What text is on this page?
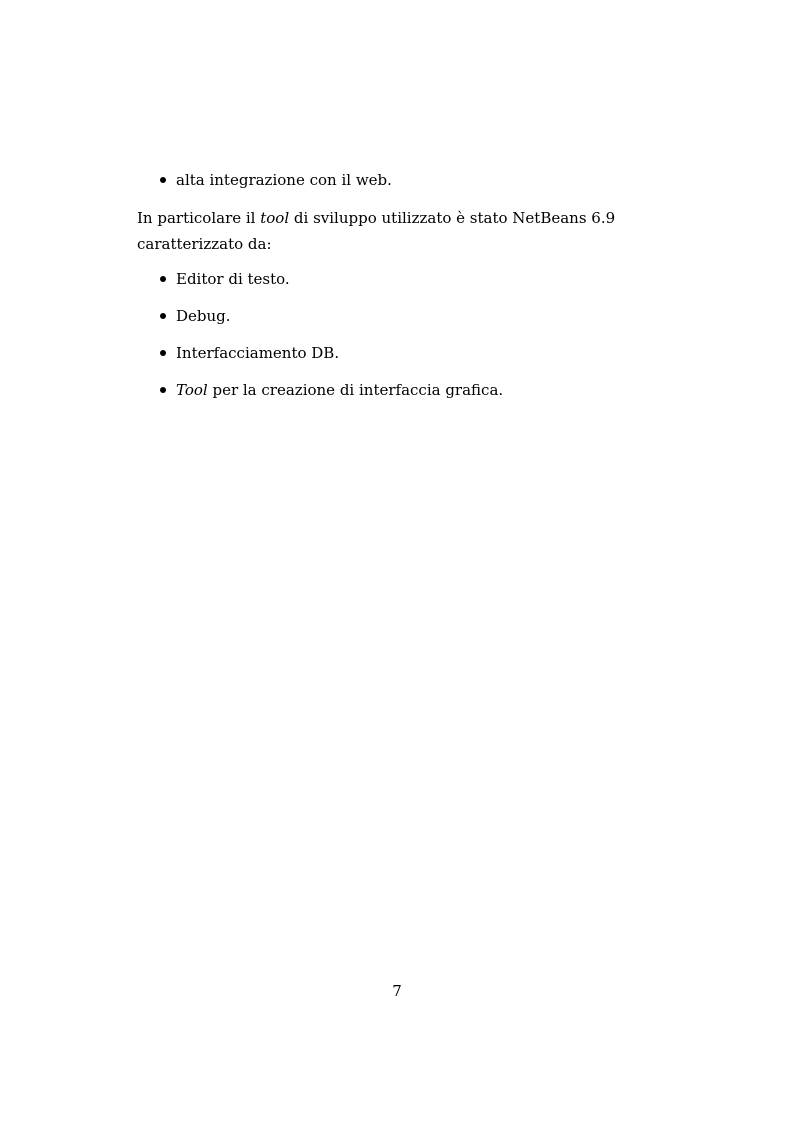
alta integrazione con il web.
In particolare il tool di sviluppo utilizzato è stato NetBeans 6.9 caratterizzato da:
Editor di testo.
Debug.
Interfacciamento DB.
Tool per la creazione di interfaccia grafica.
7
